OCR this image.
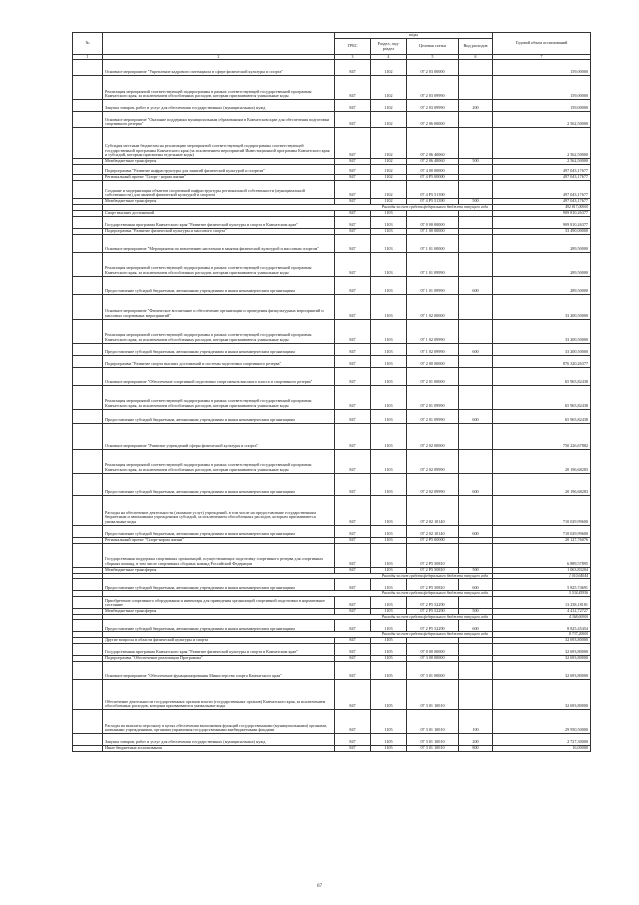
№		коды				Годовой объем ассигнований
		ГРБС	Раздел, под-раздел	Целевая статья	Вид расходов	
1	2	3	4	5	6	7
	Основное мероприятие "Укрепление кадрового потенциала в сфере физической культуры и спорта"	847	1102	07 2 03 00000		159,00000
	Реализация мероприятий соответствующей подпрограммы в рамках соответствующей государственной программы Камчатского края, за исключением обособленных расходов, которым присваиваются уникальные коды	847	1102	07 2 03 09990		159,00000
	Закупка товаров, работ и услуг для обеспечения государственных (муниципальных) нужд	847	1102	07 2 03 09990	200	159,00000
	Основное мероприятие "Оказание поддержки муниципальным образованиям в Камчатском крае для обеспечения подготовки спортивного резерва"	847	1102	07 2 06 00000		2 562,50000
	Субсидия местным бюджетам на реализацию мероприятий соответствующей подпрограммы соответствующей государственной программы Камчатского края (за исключением мероприятий Инвестиционной программы Камчатского края и субсидий, которым присвоены отдельные коды)	847	1102	07 2 06 40060		2 562,50000
	Межбюджетные трансферты	847	1102	07 2 06 40060	500	2 562,50000
	Подпрограмма "Развитие инфраструктуры для занятий физической культурой и спортом"	847	1102	07 4 00 00000		497 043,17677
	Региональный проект "Спорт - норма жизни"	847	1102	07 4 P5 00000		497 043,17677
	Создание и модернизация объектов спортивной инфраструктуры региональной собственности (муниципальной собственности) для занятий физической культурой и спортом	847	1102	07 4 P5 51390		497 043,17677
	Межбюджетные трансферты	847	1102	07 4 P5 51390	500	497 043,17677
	Расходы за счет средств федерального бюджета текущего года					492 817,00000
	Спорт высших достижений	847	1103			909 810,26377
	Государственная программа Камчатского края "Развитие физической культуры и спорта в Камчатском крае"	847	1103	07 0 00 00000		909 810,26377
	Подпрограмма "Развитие физической культуры и массового спорта"	847	1103	07 1 00 00000		33 490,00000
	Основное мероприятие "Мероприятия по вовлечению населения в занятия физической культурой и массовым спортом"	847	1103	07 1 01 00000		289,50000
	Реализация мероприятий соответствующей подпрограммы в рамках соответствующей государственной программы Камчатского края, за исключением обособленных расходов, которым присваиваются уникальные коды	847	1103	07 1 01 09990		289,50000
	Предоставление субсидий бюджетным, автономным учреждениям и иным некоммерческим организациям	847	1103	07 1 01 09990	600	289,50000
	Основное мероприятие "Физическое воспитание и обеспечение организации и проведения физкультурных мероприятий и массовых спортивных мероприятий"	847	1103	07 1 02 00000		33 200,50000
	Реализация мероприятий соответствующей подпрограммы в рамках соответствующей государственной программы Камчатского края, за исключением обособленных расходов, которым присваиваются уникальные коды	847	1103	07 1 02 09990		33 200,50000
	Предоставление субсидий бюджетным, автономным учреждениям и иным некоммерческим организациям	847	1103	07 1 02 09990	600	33 200,50000
	Подпрограмма "Развитие спорта высших достижений и системы подготовки спортивного резерва"	847	1103	07 2 00 00000		876 320,26377
	Основное мероприятие "Обеспечение спортивной подготовки спортсменов высокого класса и спортивного резерва"	847	1103	07 2 01 00000		65 965,82438
	Реализация мероприятий соответствующей подпрограммы в рамках соответствующей государственной программы Камчатского края, за исключением обособленных расходов, которым присваиваются уникальные коды	847	1103	07 2 01 09990		65 965,82438
	Предоставление субсидий бюджетным, автономным учреждениям и иным некоммерческим организациям	847	1103	07 2 01 09990	600	65 965,82438
	Основное мероприятие "Развитие учреждений сферы физической культуры и спорта"	847	1103	07 2 02 00000		750 226,67882
	Реализация мероприятий соответствующей подпрограммы в рамках соответствующей государственной программы Камчатского края, за исключением обособленных расходов, которым присваиваются уникальные коды	847	1103	07 2 02 09990		20 196,68283
	Предоставление субсидий бюджетным, автономным учреждениям и иным некоммерческим организациям	847	1103	07 2 02 09990	600	20 196,68283
	Расходы на обеспечение деятельности (оказание услуг) учреждений, в том числе на предоставление государственным бюджетным и автономным учреждениям субсидий, за исключением обособленных расходов, которым присваиваются уникальные коды	847	1103	07 2 02 10140		710 029,99600
	Предоставление субсидий бюджетным, автономным учреждениям и иным некоммерческим организациям	847	1103	07 2 02 10140	600	710 029,99600
	Региональный проект "Спорт-норма жизни"	847	1103	07 2 P5 00000		20 127,76076
	Государственная поддержка спортивных организаций, осуществляющих подготовку спортивного резерва для спортивных сборных команд, в том числе спортивных сборных команд Российской Федерации	847	1103	07 2 P5 50810		6 889,57895
	Межбюджетные трансферты	847	1103	07 2 P5 50810	500	1 063,83204
	Расходы за счет средств федерального бюджета текущего года					1 010,64044
	Предоставление субсидий бюджетным, автономным учреждениям и иным некоммерческим организациям	847	1103	07 2 P5 50810	600	5 825,74691
	Расходы за счет средств федерального бюджета текущего года					5 534,45956
	Приобретение спортивного оборудования и инвентаря для приведения организаций спортивной подготовки в нормативное состояние	847	1103	07 2 P5 52290		13 238,18181
	Межбюджетные трансферты	847	1103	07 2 P5 52290	500	4 412,72727
	Расходы за счет средств федерального бюджета текущего года					4 368,60000
	Предоставление субсидий бюджетным, автономным учреждениям и иным некоммерческим организациям	847	1103	07 2 P5 52290	600	8 825,45454
	Расходы за счет средств федерального бюджета текущего года					8 737,20000
	Другие вопросы в области физической культуры и спорта	847	1105			32 693,80000
	Государственная программа Камчатского края "Развитие физической культуры и спорта в Камчатском крае"	847	1105	07 0 00 00000		32 693,80000
	Подпрограмма "Обеспечение реализации Программы"	847	1105	07 3 00 00000		32 693,80000
	Основное мероприятие "Обеспечение функционирования Министерства спорта Камчатского края"	847	1105	07 3 01 00000		32 693,80000
	Обеспечение деятельности государственных органов власти (государственных органов) Камчатского края, за исключением обособленных расходов, которым присваиваются уникальные коды	847	1105	07 3 01 10010		32 693,80000
	Расходы на выплаты персоналу в целях обеспечения выполнения функций государственными (муниципальными) органами, казенными учреждениями, органами управления государственными внебюджетными фондами	847	1105	07 3 01 10010	100	29 950,50000
	Закупка товаров, работ и услуг для обеспечения государственных (муниципальных) нужд	847	1105	07 3 01 10010	200	2 727,30000
	Иные бюджетные ассигнования	847	1105	07 3 01 10010	800	16,00000
67
